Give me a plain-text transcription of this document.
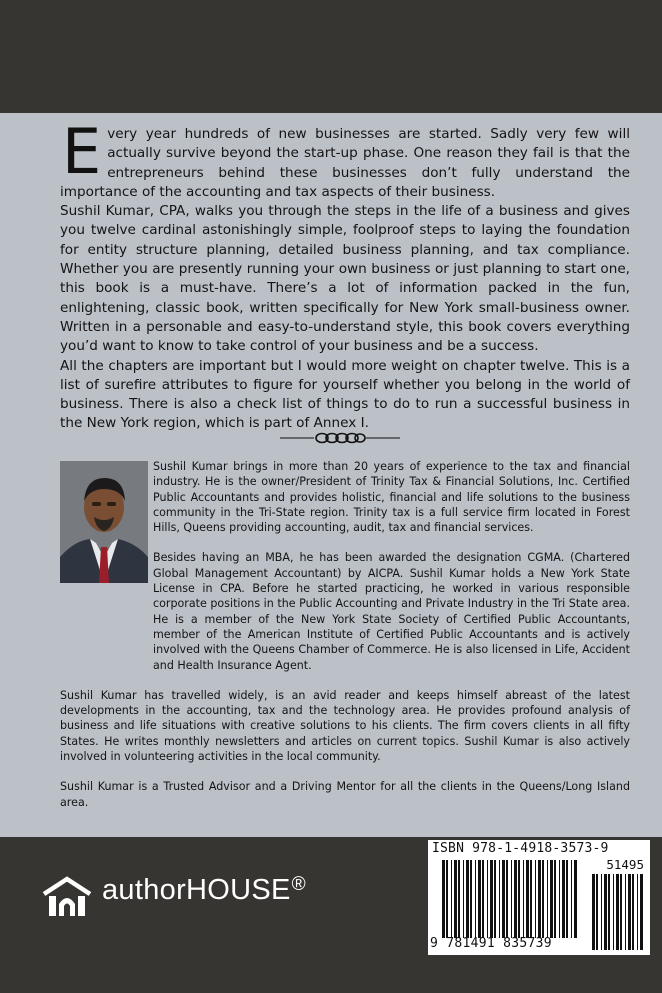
Every year hundreds of new businesses are started. Sadly very few will actually survive beyond the start-up phase. One reason they fail is that the entrepreneurs behind these businesses don’t fully understand the importance of the accounting and tax aspects of their business.

Sushil Kumar, CPA, walks you through the steps in the life of a business and gives you twelve cardinal astonishingly simple, foolproof steps to laying the foundation for entity structure planning, detailed business planning, and tax compliance. Whether you are presently running your own business or just planning to start one, this book is a must-have. There’s a lot of information packed in the fun, enlightening, classic book, written specifically for New York small-business owner. Written in a personable and easy-to-understand style, this book covers everything you’d want to know to take control of your business and be a success.

All the chapters are important but I would more weight on chapter twelve. This is a list of surefire attributes to figure for yourself whether you belong in the world of business. There is also a check list of things to do to run a successful business in the New York region, which is part of Annex I.

Sushil Kumar brings in more than 20 years of experience to the tax and financial industry. He is the owner/President of Trinity Tax & Financial Solutions, Inc. Certified Public Accountants and provides holistic, financial and life solutions to the business community in the Tri-State region. Trinity tax is a full service firm located in Forest Hills, Queens providing accounting, audit, tax and financial services.

Besides having an MBA, he has been awarded the designation CGMA. (Chartered Global Management Accountant) by AICPA. Sushil Kumar holds a New York State License in CPA. Before he started practicing, he worked in various responsible corporate positions in the Public Accounting and Private Industry in the Tri State area. He is a member of the New York State Society of Certified Public Accountants, member of the American Institute of Certified Public Accountants and is actively involved with the Queens Chamber of Commerce. He is also licensed in Life, Accident and Health Insurance Agent.

Sushil Kumar has travelled widely, is an avid reader and keeps himself abreast of the latest developments in the accounting, tax and the technology area. He provides profound analysis of business and life situations with creative solutions to his clients. The firm covers clients in all fifty States. He writes monthly newsletters and articles on current topics. Sushil Kumar is also actively involved in volunteering activities in the local community.

Sushil Kumar is a Trusted Advisor and a Driving Mentor for all the clients in the Queens/Long Island area.

authorHOUSE®
ISBN 978-1-4918-3573-9
51495
9 781491 835739
